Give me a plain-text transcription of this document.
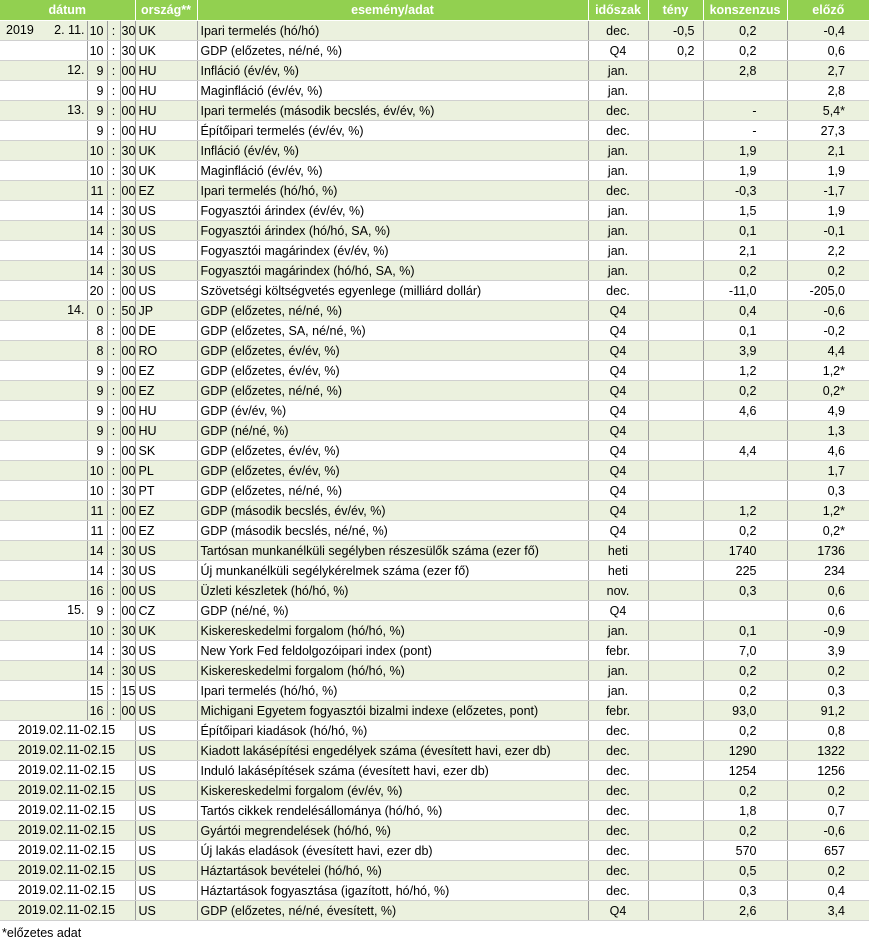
dátum				ország**	esemény/adat	időszak	tény	konszenzus	előző

2019 2. 11.	10	:	30	UK	Ipari termelés (hó/hó)	dec.	-0,5	0,2	-0,4

	10	:	30	UK	GDP (előzetes, né/né, %)	Q4	0,2	0,2	0,6

12.	9	:	00	HU	Infláció (év/év, %)	jan.		2,8	2,7

	9	:	00	HU	Maginfláció (év/év, %)	jan.			2,8

13.	9	:	00	HU	Ipari termelés (második becslés, év/év, %)	dec.		-	5,4*

	9	:	00	HU	Építőipari termelés (év/év, %)	dec.		-	27,3

	10	:	30	UK	Infláció (év/év, %)	jan.		1,9	2,1

	10	:	30	UK	Maginfláció (év/év, %)	jan.		1,9	1,9

	11	:	00	EZ	Ipari termelés (hó/hó, %)	dec.		-0,3	-1,7

	14	:	30	US	Fogyasztói árindex (év/év, %)	jan.		1,5	1,9

	14	:	30	US	Fogyasztói árindex (hó/hó, SA, %)	jan.		0,1	-0,1

	14	:	30	US	Fogyasztói magárindex (év/év, %)	jan.		2,1	2,2

	14	:	30	US	Fogyasztói magárindex (hó/hó, SA, %)	jan.		0,2	0,2

	20	:	00	US	Szövetségi költségvetés egyenlege (milliárd dollár)	dec.		-11,0	-205,0

14.	0	:	50	JP	GDP (előzetes, né/né, %)	Q4		0,4	-0,6

	8	:	00	DE	GDP (előzetes, SA, né/né, %)	Q4		0,1	-0,2

	8	:	00	RO	GDP (előzetes, év/év, %)	Q4		3,9	4,4

	9	:	00	EZ	GDP (előzetes, év/év, %)	Q4		1,2	1,2*

	9	:	00	EZ	GDP (előzetes, né/né, %)	Q4		0,2	0,2*

	9	:	00	HU	GDP (év/év, %)	Q4		4,6	4,9

	9	:	00	HU	GDP (né/né, %)	Q4			1,3

	9	:	00	SK	GDP (előzetes, év/év, %)	Q4		4,4	4,6

	10	:	00	PL	GDP (előzetes, év/év, %)	Q4			1,7

	10	:	30	PT	GDP (előzetes, né/né, %)	Q4			0,3

	11	:	00	EZ	GDP (második becslés, év/év, %)	Q4		1,2	1,2*

	11	:	00	EZ	GDP (második becslés, né/né, %)	Q4		0,2	0,2*

	14	:	30	US	Tartósan munkanélküli segélyben részesülők száma (ezer fő)	heti		1740	1736

	14	:	30	US	Új munkanélküli segélykérelmek száma (ezer fő)	heti		225	234

	16	:	00	US	Üzleti készletek (hó/hó, %)	nov.		0,3	0,6

15.	9	:	00	CZ	GDP (né/né, %)	Q4			0,6

	10	:	30	UK	Kiskereskedelmi forgalom (hó/hó, %)	jan.		0,1	-0,9

	14	:	30	US	New York Fed feldolgozóipari index (pont)	febr.		7,0	3,9

	14	:	30	US	Kiskereskedelmi forgalom (hó/hó, %)	jan.		0,2	0,2

	15	:	15	US	Ipari termelés (hó/hó, %)	jan.		0,2	0,3

	16	:	00	US	Michigani Egyetem fogyasztói bizalmi indexe (előzetes, pont)	febr.		93,0	91,2

2019.02.11-02.15				US	Építőipari kiadások (hó/hó, %)	dec.		0,2	0,8

2019.02.11-02.15				US	Kiadott lakásépítési engedélyek száma (évesített havi, ezer db)	dec.		1290	1322

2019.02.11-02.15				US	Induló lakásépítések száma (évesített havi, ezer db)	dec.		1254	1256

2019.02.11-02.15				US	Kiskereskedelmi forgalom (év/év, %)	dec.		0,2	0,2

2019.02.11-02.15				US	Tartós cikkek rendelésállománya (hó/hó, %)	dec.		1,8	0,7

2019.02.11-02.15				US	Gyártói megrendelések (hó/hó, %)	dec.		0,2	-0,6

2019.02.11-02.15				US	Új lakás eladások (évesített havi, ezer db)	dec.		570	657

2019.02.11-02.15				US	Háztartások bevételei (hó/hó, %)	dec.		0,5	0,2

2019.02.11-02.15				US	Háztartások fogyasztása (igazított, hó/hó, %)	dec.		0,3	0,4

2019.02.11-02.15				US	GDP (előzetes, né/né, évesített, %)	Q4		2,6	3,4
*előzetes adat
